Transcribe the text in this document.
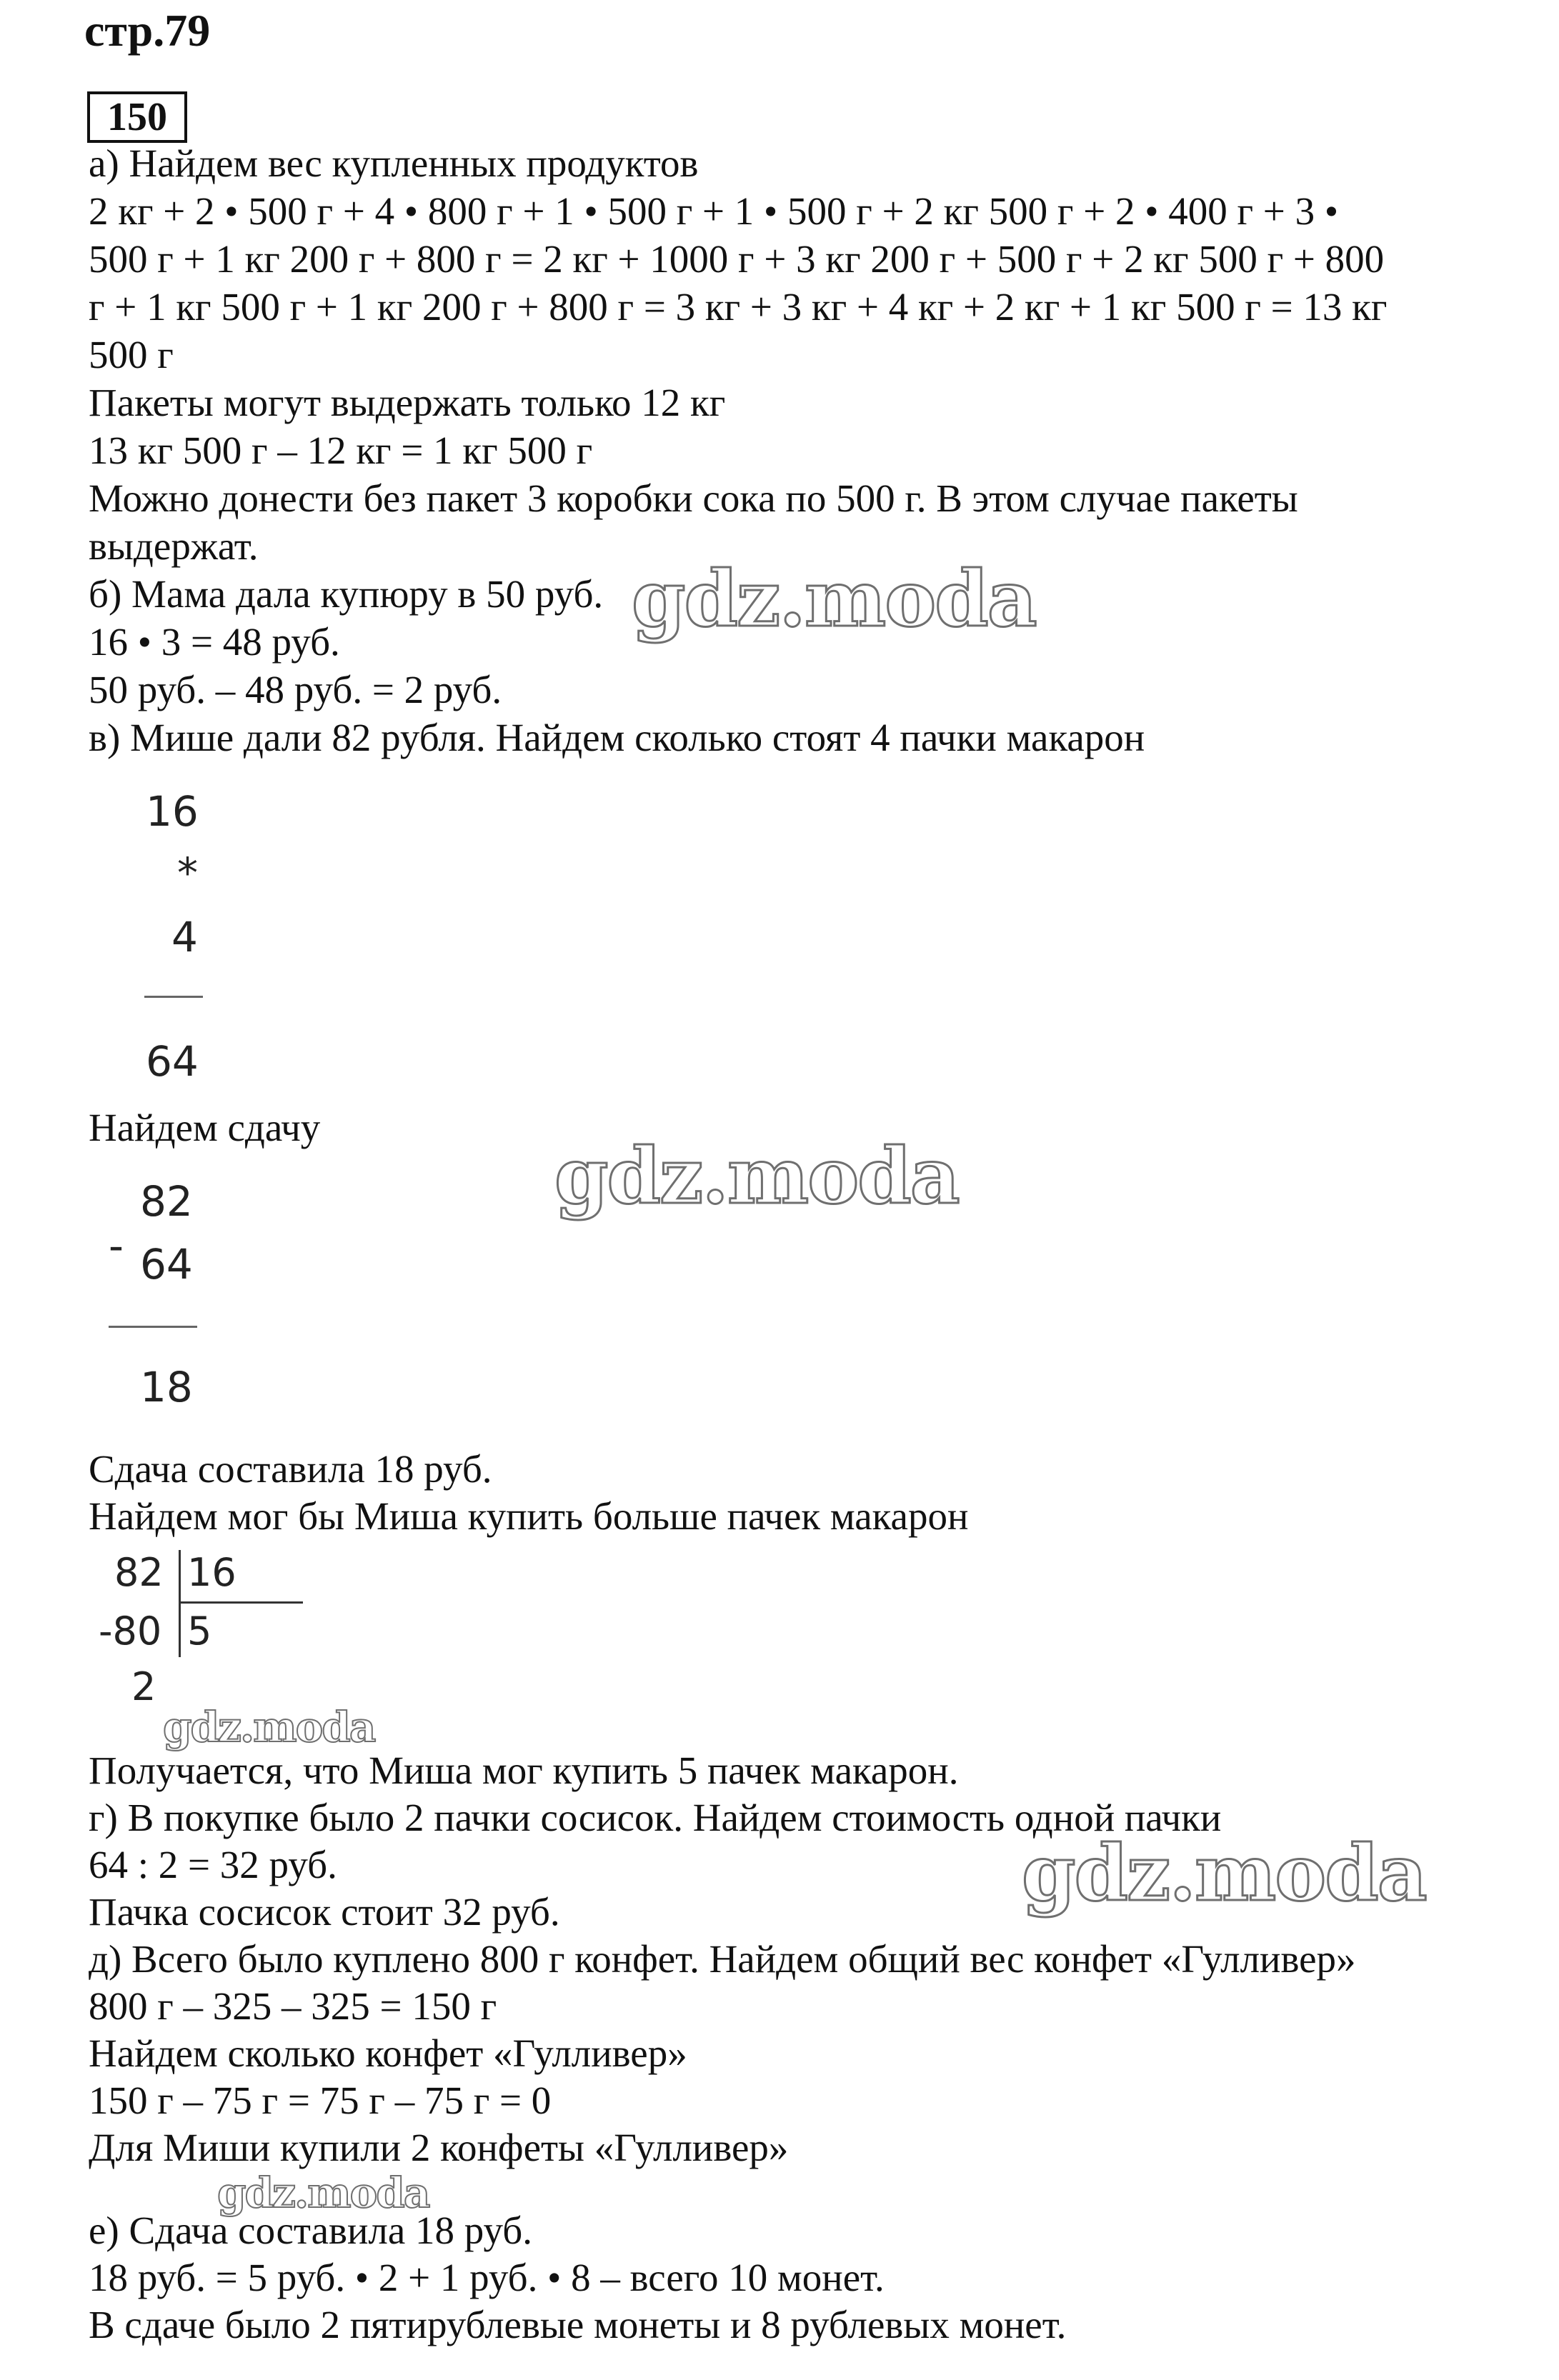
стр.79
150
а) Найдем вес купленных продуктов
2 кг + 2 • 500 г + 4 • 800 г + 1 • 500 г + 1 • 500 г + 2 кг 500 г + 2 • 400 г + 3 •
500 г + 1 кг 200 г + 800 г = 2 кг + 1000 г + 3 кг 200 г + 500 г + 2 кг 500 г + 800
г + 1 кг 500 г + 1 кг 200 г + 800 г = 3 кг + 3 кг + 4 кг + 2 кг + 1 кг 500 г = 13 кг
500 г
Пакеты могут выдержать только 12 кг
13 кг 500 г – 12 кг = 1 кг 500 г
Можно донести без пакет 3 коробки сока по 500 г. В этом случае пакеты
выдержат.
б) Мама дала купюру в 50 руб.
16 • 3 = 48 руб.
50 руб. – 48 руб. = 2 руб.
в) Мише дали 82 рубля. Найдем сколько стоят 4 пачки макарон
16
*
4
64
Найдем сдачу
-
82
64
18
Сдача составила 18 руб.
Найдем мог бы Миша купить больше пачек макарон
82 16
-80 5
2
Получается, что Миша мог купить 5 пачек макарон.
г) В покупке было 2 пачки сосисок. Найдем стоимость одной пачки
64 : 2 = 32 руб.
Пачка сосисок стоит 32 руб.
д) Всего было куплено 800 г конфет. Найдем общий вес конфет «Гулливер»
800 г – 325 – 325 = 150 г
Найдем сколько конфет «Гулливер»
150 г – 75 г = 75 г – 75 г = 0
Для Миши купили 2 конфеты «Гулливер»
е) Сдача составила 18 руб.
18 руб. = 5 руб. • 2 + 1 руб. • 8 – всего 10 монет.
В сдаче было 2 пятирублевые монеты и 8 рублевых монет.
gdz.moda
gdz.moda
gdz.moda
gdz.moda
gdz.moda
